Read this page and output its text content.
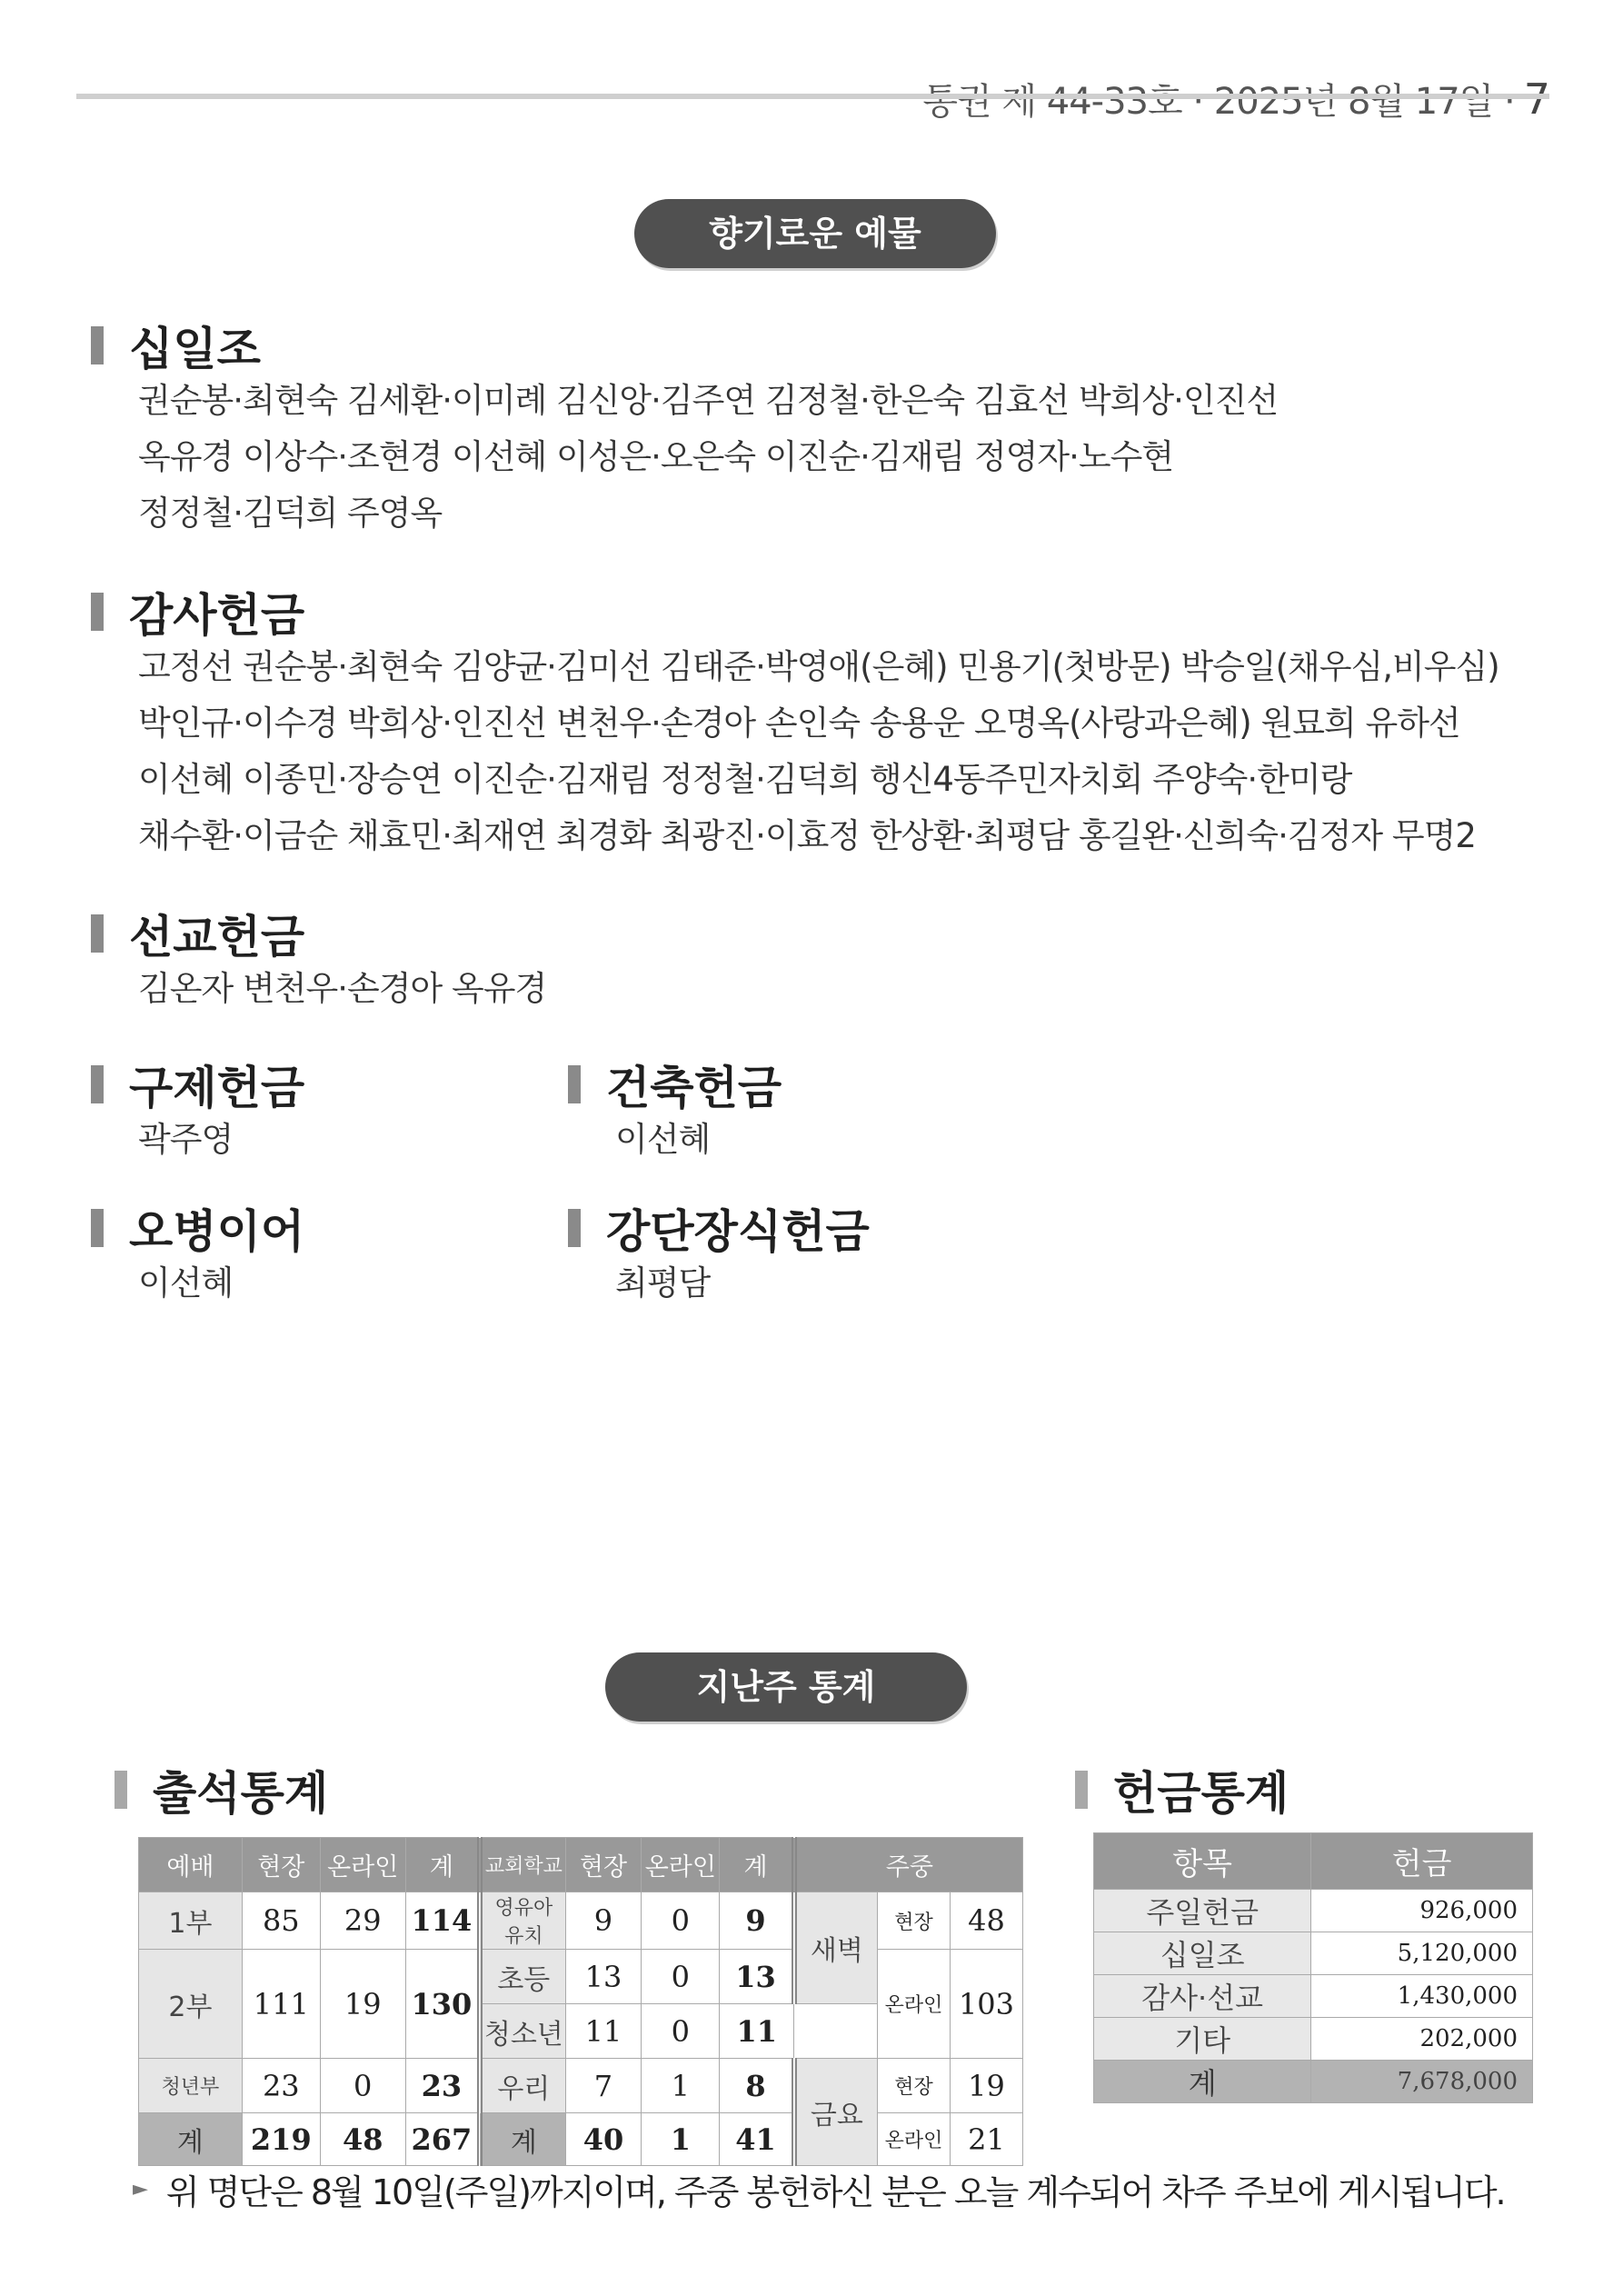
통권 제 44-33호 · 2025년 8월 17일 · 7
향기로운 예물
십일조
권순봉·최현숙 김세환·이미례 김신앙·김주연 김정철·한은숙 김효선 박희상·인진선
옥유경 이상수·조현경 이선혜 이성은·오은숙 이진순·김재림 정영자·노수현
정정철·김덕희 주영옥
감사헌금
고정선 권순봉·최현숙 김양균·김미선 김태준·박영애(은혜) 민용기(첫방문) 박승일(채우심,비우심)
박인규·이수경 박희상·인진선 변천우·손경아 손인숙 송용운 오명옥(사랑과은혜) 원묘희 유하선
이선혜 이종민·장승연 이진순·김재림 정정철·김덕희 행신4동주민자치회 주양숙·한미랑
채수환·이금순 채효민·최재연 최경화 최광진·이효정 한상환·최평담 홍길완·신희숙·김정자 무명2
선교헌금
김온자 변천우·손경아 옥유경
구제헌금
곽주영
건축헌금
이선혜
오병이어
이선혜
강단장식헌금
최평담
지난주 통계
출석통계	헌금통계
예배	현장	온라인	계	교회학교	현장	온라인	계	주중		
1부	85	29	114	영유아 유치	9	0	9	새벽	현장	48
2부	111	19	130	초등	13	0	13		온라인	103
				청소년	11	0	11			
청년부	23	0	23	우리	7	1	8	금요	현장	19

계	219	48	267	계	40	1	41		온라인	21
항목	헌금
주일헌금	926,000
십일조	5,120,000
감사·선교	1,430,000
기타	202,000
계	7,678,000
► 위 명단은 8월 10일(주일)까지이며, 주중 봉헌하신 분은 오늘 계수되어 차주 주보에 게시됩니다.
